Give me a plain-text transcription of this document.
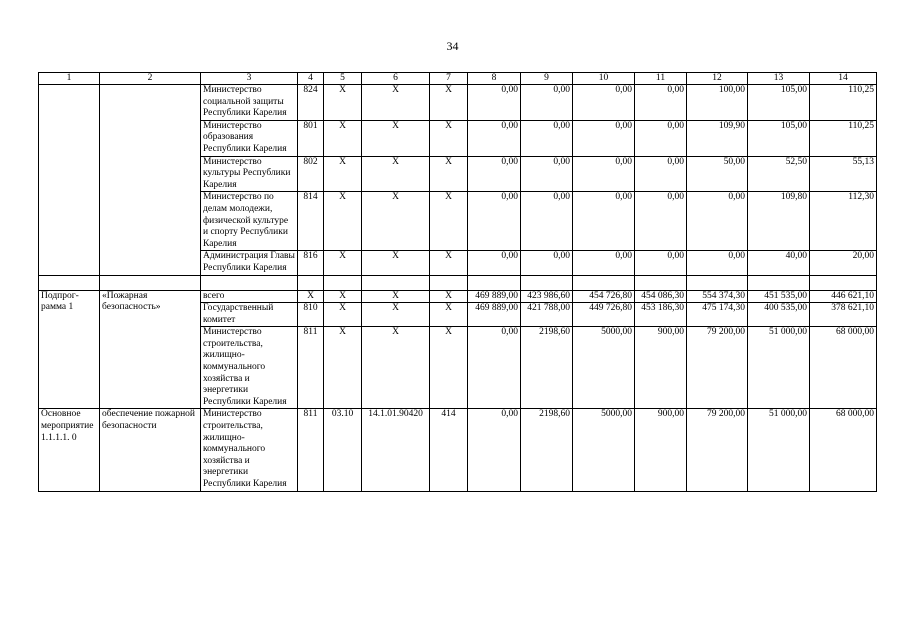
34
1	2	3	4	5	6	7	8	9	10	11	12	13	14
		Министерство социальной защиты Республики Карелия	824	Х	Х	Х	0,00	0,00	0,00	0,00	100,00	105,00	110,25
		Министерство образования Республики Карелия	801	Х	Х	Х	0,00	0,00	0,00	0,00	109,90	105,00	110,25
		Министерство культуры Республики Карелия	802	Х	Х	Х	0,00	0,00	0,00	0,00	50,00	52,50	55,13
		Министерство по делам молодежи, физической культуре и спорту Республики Карелия	814	Х	Х	Х	0,00	0,00	0,00	0,00	0,00	109,80	112,30
		Администрация Главы Республики Карелия	816	Х	Х	Х	0,00	0,00	0,00	0,00	0,00	40,00	20,00

Подпрог-рамма 1	«Пожарная безопасность»	всего	Х	Х	Х	Х	469 889,00	423 986,60	454 726,80	454 086,30	554 374,30	451 535,00	446 621,10
		Государственный комитет	810	Х	Х	Х	469 889,00	421 788,00	449 726,80	453 186,30	475 174,30	400 535,00	378 621,10
		Министерство строительства, жилищно-коммунального хозяйства и энергетики Республики Карелия	811	Х	Х	Х	0,00	2198,60	5000,00	900,00	79 200,00	51 000,00	68 000,00
Основное мероприятие 1.1.1.1. 0	обеспечение пожарной безопасности	Министерство строительства, жилищно-коммунального хозяйства и энергетики Республики Карелия	811	03.10	14.1.01.90420	414	0,00	2198,60	5000,00	900,00	79 200,00	51 000,00	68 000,00
